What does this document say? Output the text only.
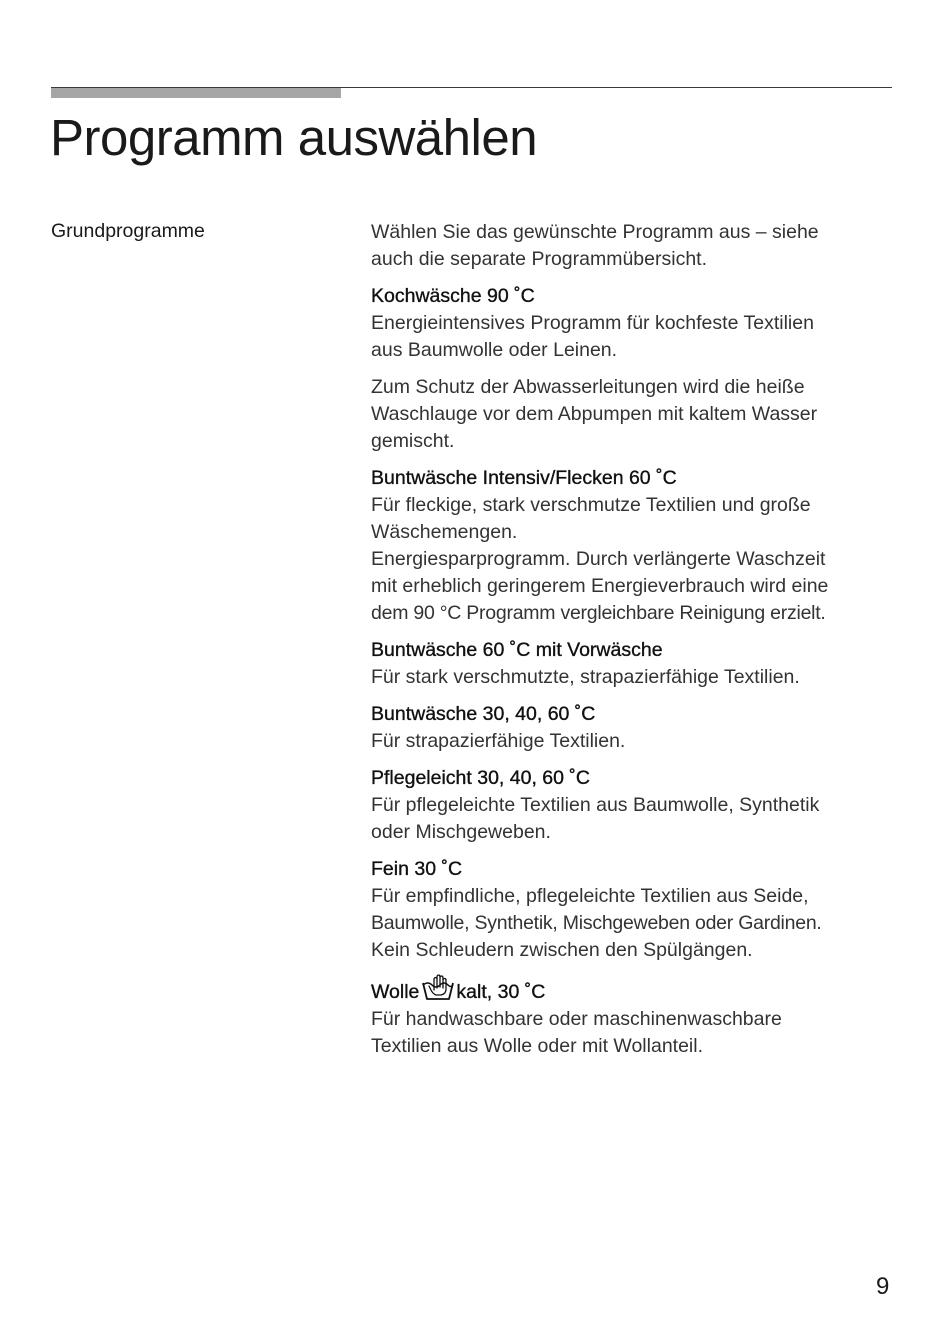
Programm auswählen
Grundprogramme	Wählen Sie das gewünschte Programm aus – siehe
auch die separate Programmübersicht.

Kochwäsche 90 ˚C
Energieintensives Programm für kochfeste Textilien
aus Baumwolle oder Leinen.

Zum Schutz der Abwasserleitungen wird die heiße
Waschlauge vor dem Abpumpen mit kaltem Wasser
gemischt.

Buntwäsche Intensiv/Flecken 60 ˚C
Für fleckige, stark verschmutze Textilien und große
Wäschemengen.
Energiesparprogramm. Durch verlängerte Waschzeit
mit erheblich geringerem Energieverbrauch wird eine
dem 90 °C Programm vergleichbare Reinigung erzielt.

Buntwäsche 60 ˚C mit Vorwäsche
Für stark verschmutzte, strapazierfähige Textilien.

Buntwäsche 30, 40, 60 ˚C
Für strapazierfähige Textilien.

Pflegeleicht 30, 40, 60 ˚C
Für pflegeleichte Textilien aus Baumwolle, Synthetik
oder Mischgeweben.

Fein 30 ˚C
Für empfindliche, pflegeleichte Textilien aus Seide,
Baumwolle, Synthetik, Mischgeweben oder Gardinen.
Kein Schleudern zwischen den Spülgängen.

Wolle kalt, 30 ˚C
Für handwaschbare oder maschinenwaschbare
Textilien aus Wolle oder mit Wollanteil.

9
